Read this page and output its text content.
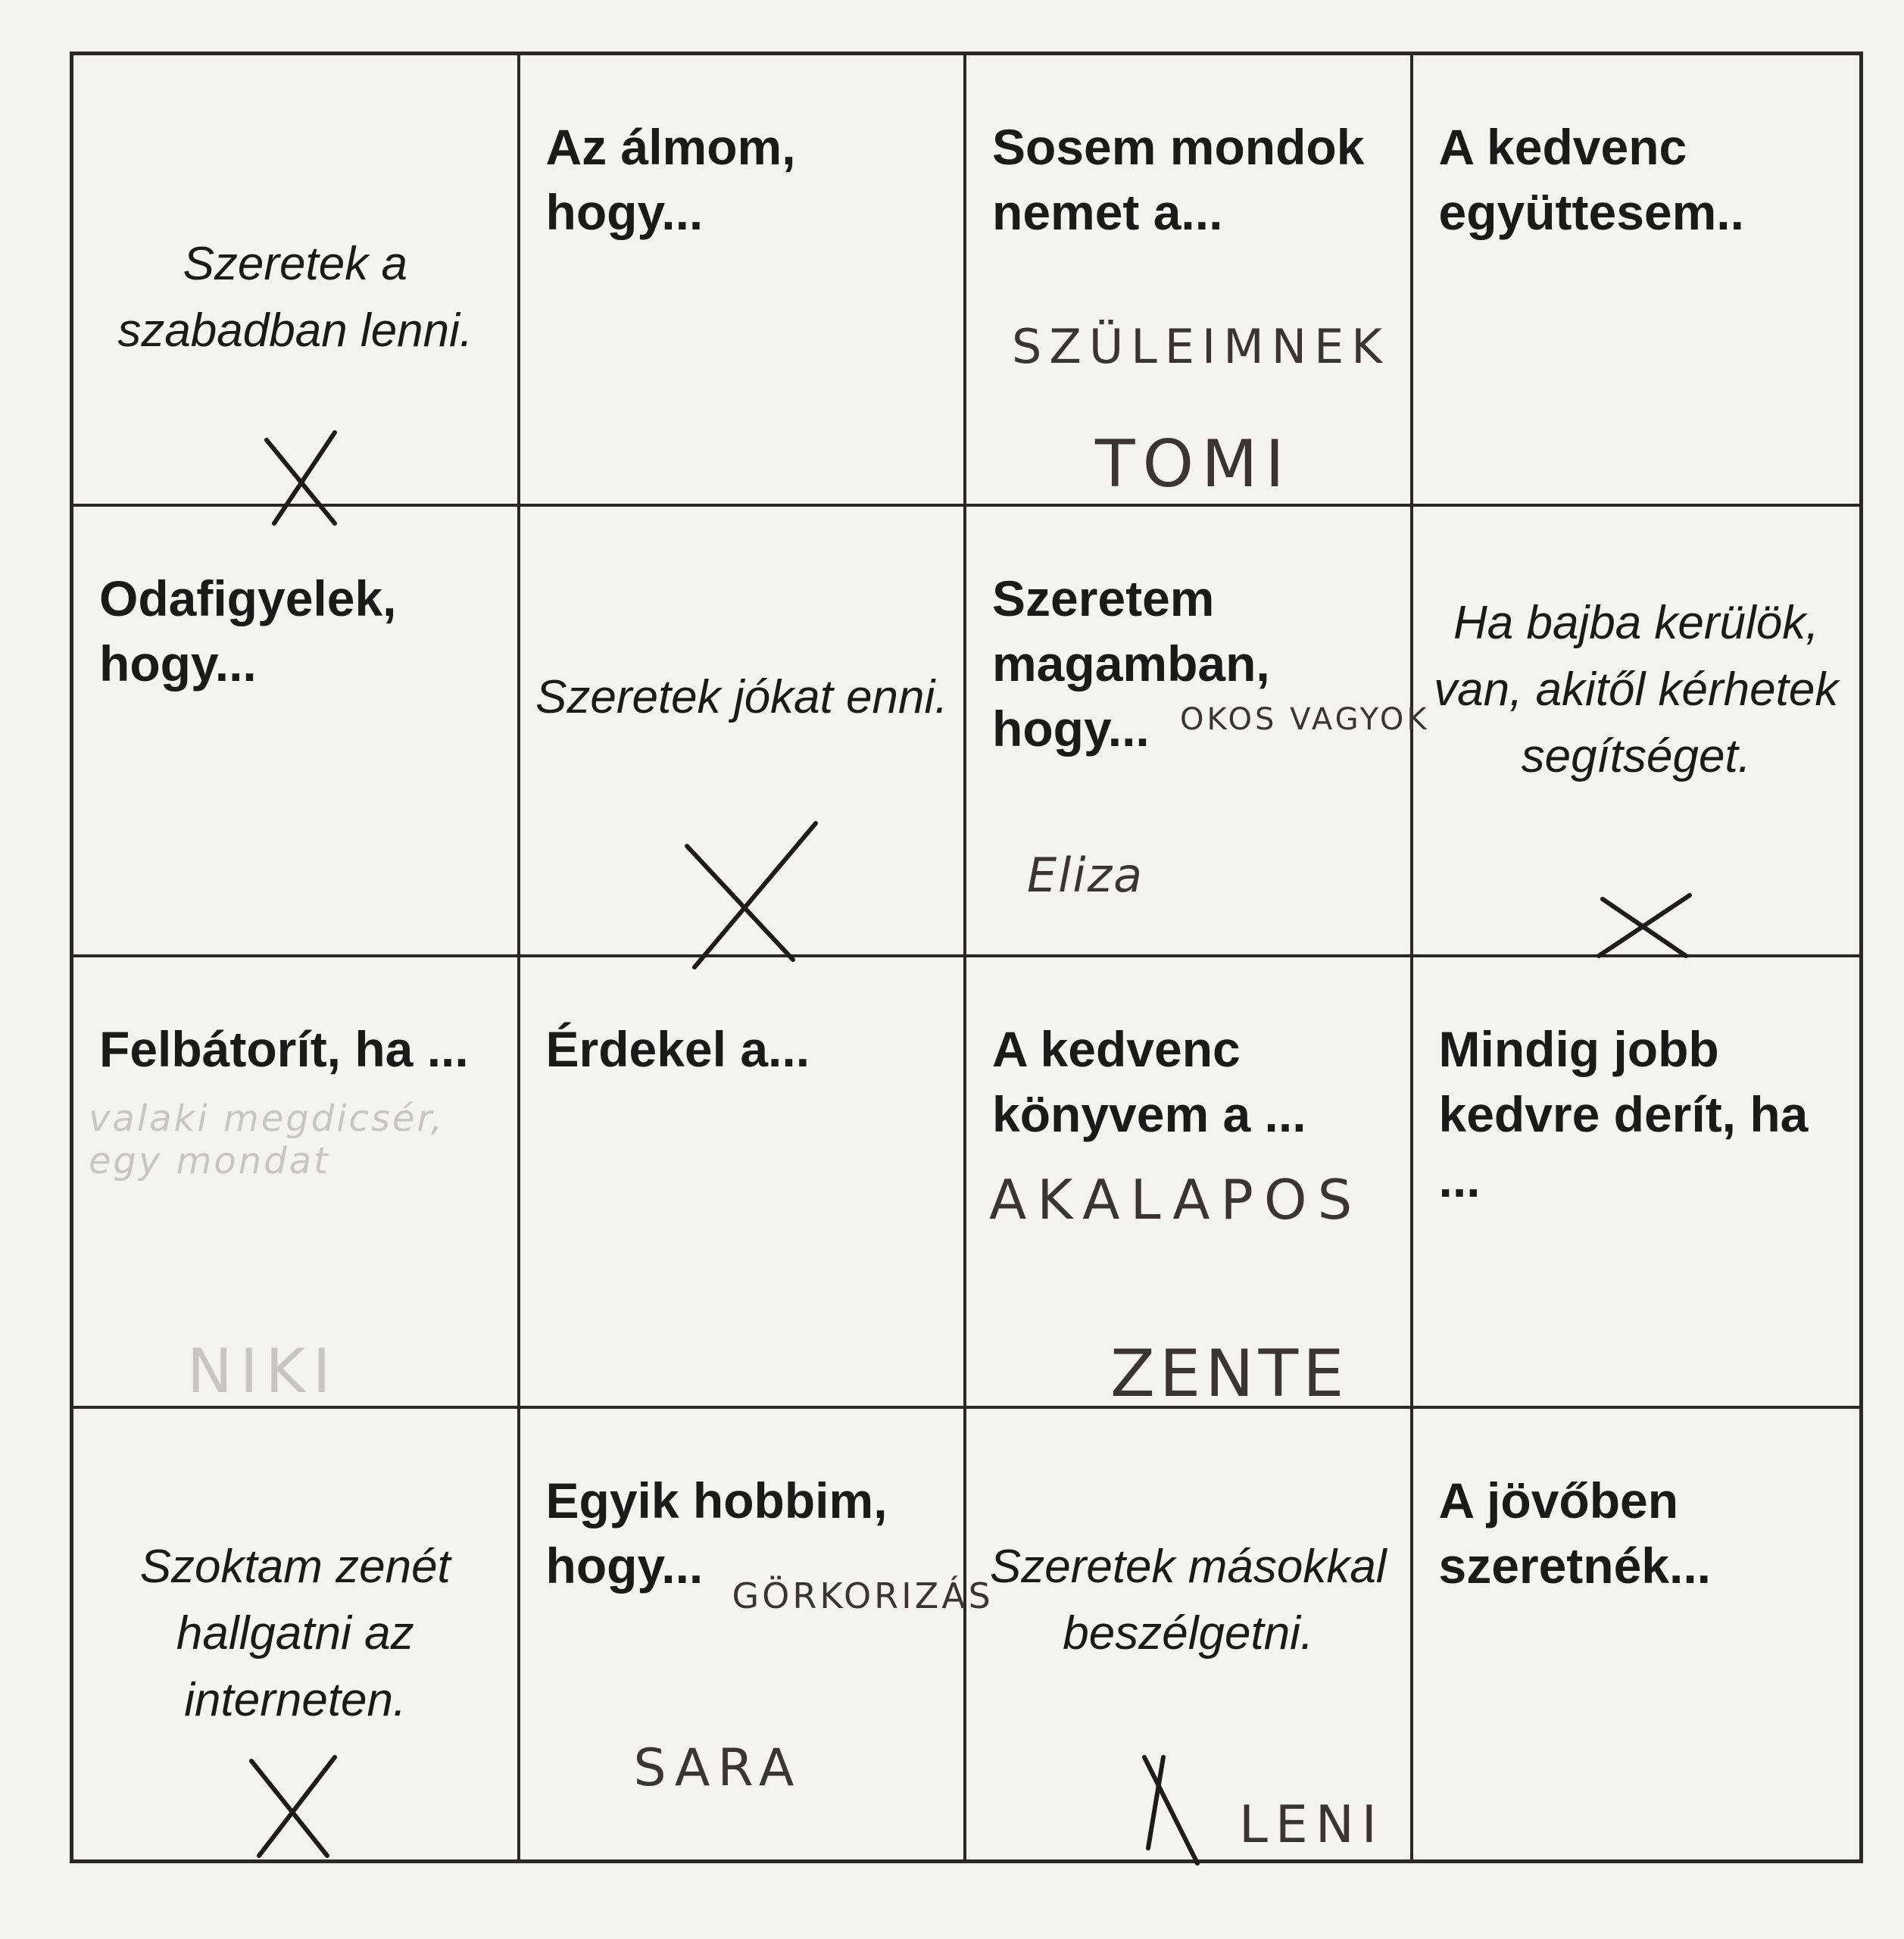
Szeretek a szabadban lenni.
Az álmom, hogy...
Sosem mondok nemet a...
SZÜLEIMNEK
TOMI
A kedvenc együttesem..
Odafigyelek, hogy...
Szeretek jókat enni.
Szeretem magamban, hogy...	OKOS VAGYOK
Eliza
Ha bajba kerülök, van, akitől kérhetek segítséget.
Felbátorít, ha ...
valaki megdicsér, egy mondat
NIKI
Érdekel a...	A kedvenc könyvem a ...
AKALAPOS
ZENTE
Mindig jobb kedvre derít, ha ...
Szoktam zenét hallgatni az interneten.
Egyik hobbim, hogy...
GÖRKORIZÁS
SARA
Szeretek másokkal beszélgetni.
LENI
A jövőben szeretnék...
